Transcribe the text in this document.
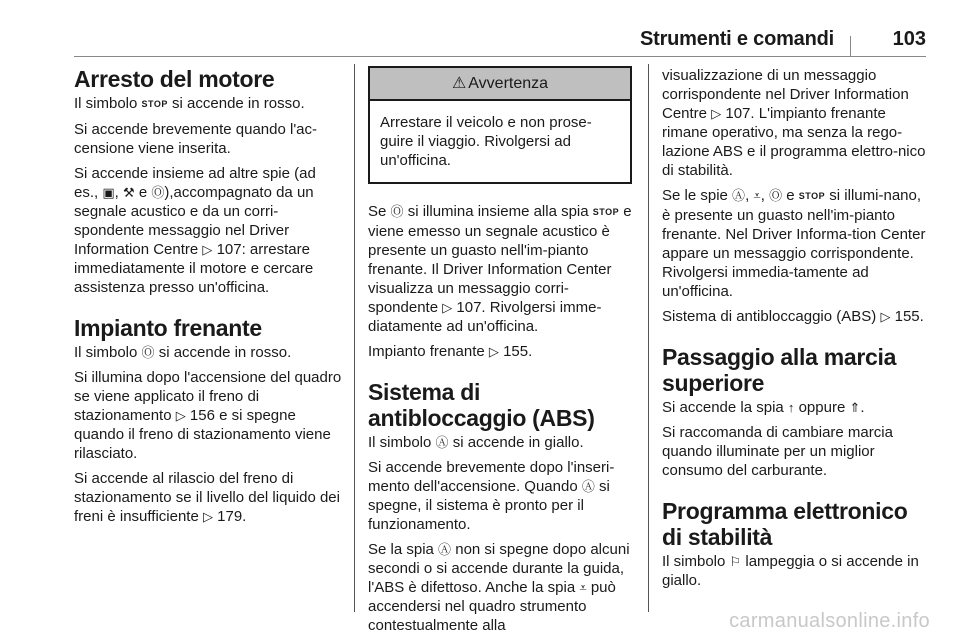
Strumenti e comandi	103
Arresto del motore

Il simbolo STOP si accende in rosso.

Si accende brevemente quando l'ac-censione viene inserita.

Si accende insieme ad altre spie (ad es., ▣, ⚒ e Ⓞ),accompagnato da un segnale acustico e da un corri-spondente messaggio nel Driver Information Centre ▷ 107: arrestare immediatamente il motore e cercare assistenza presso un'officina.

Impianto frenante

Il simbolo Ⓞ si accende in rosso.

Si illumina dopo l'accensione del quadro se viene applicato il freno di stazionamento ▷ 156 e si spegne quando il freno di stazionamento viene rilasciato.

Si accende al rilascio del freno di stazionamento se il livello del liquido dei freni è insufficiente ▷ 179.

⚠ Avvertenza
Arrestare il veicolo e non prose-guire il viaggio. Rivolgersi ad un'officina.

Se Ⓞ si illumina insieme alla spia STOP e viene emesso un segnale acustico è presente un guasto nell'im-pianto frenante. Il Driver Information Center visualizza un messaggio corri-spondente ▷ 107. Rivolgersi imme-diatamente ad un'officina.

Impianto frenante ▷ 155.

Sistema di antibloccaggio (ABS)

Il simbolo Ⓐ si accende in giallo.

Si accende brevemente dopo l'inseri-mento dell'accensione. Quando Ⓐ si spegne, il sistema è pronto per il funzionamento.

Se la spia Ⓐ non si spegne dopo alcuni secondi o si accende durante la guida, l'ABS è difettoso. Anche la spia ⩡ può accendersi nel quadro strumento contestualmente alla

visualizzazione di un messaggio corrispondente nel Driver Information Centre ▷ 107. L'impianto frenante rimane operativo, ma senza la rego-lazione ABS e il programma elettro-nico di stabilità.

Se le spie Ⓐ, ⩡, Ⓞ e STOP si illumi-nano, è presente un guasto nell'im-pianto frenante. Nel Driver Informa-tion Center appare un messaggio corrispondente. Rivolgersi immedia-tamente ad un'officina.

Sistema di antibloccaggio (ABS) ▷ 155.

Passaggio alla marcia superiore

Si accende la spia ↑ oppure ⇑.

Si raccomanda di cambiare marcia quando illuminate per un miglior consumo del carburante.

Programma elettronico di stabilità

Il simbolo ⚐ lampeggia o si accende in giallo.

carmanualsonline.info
